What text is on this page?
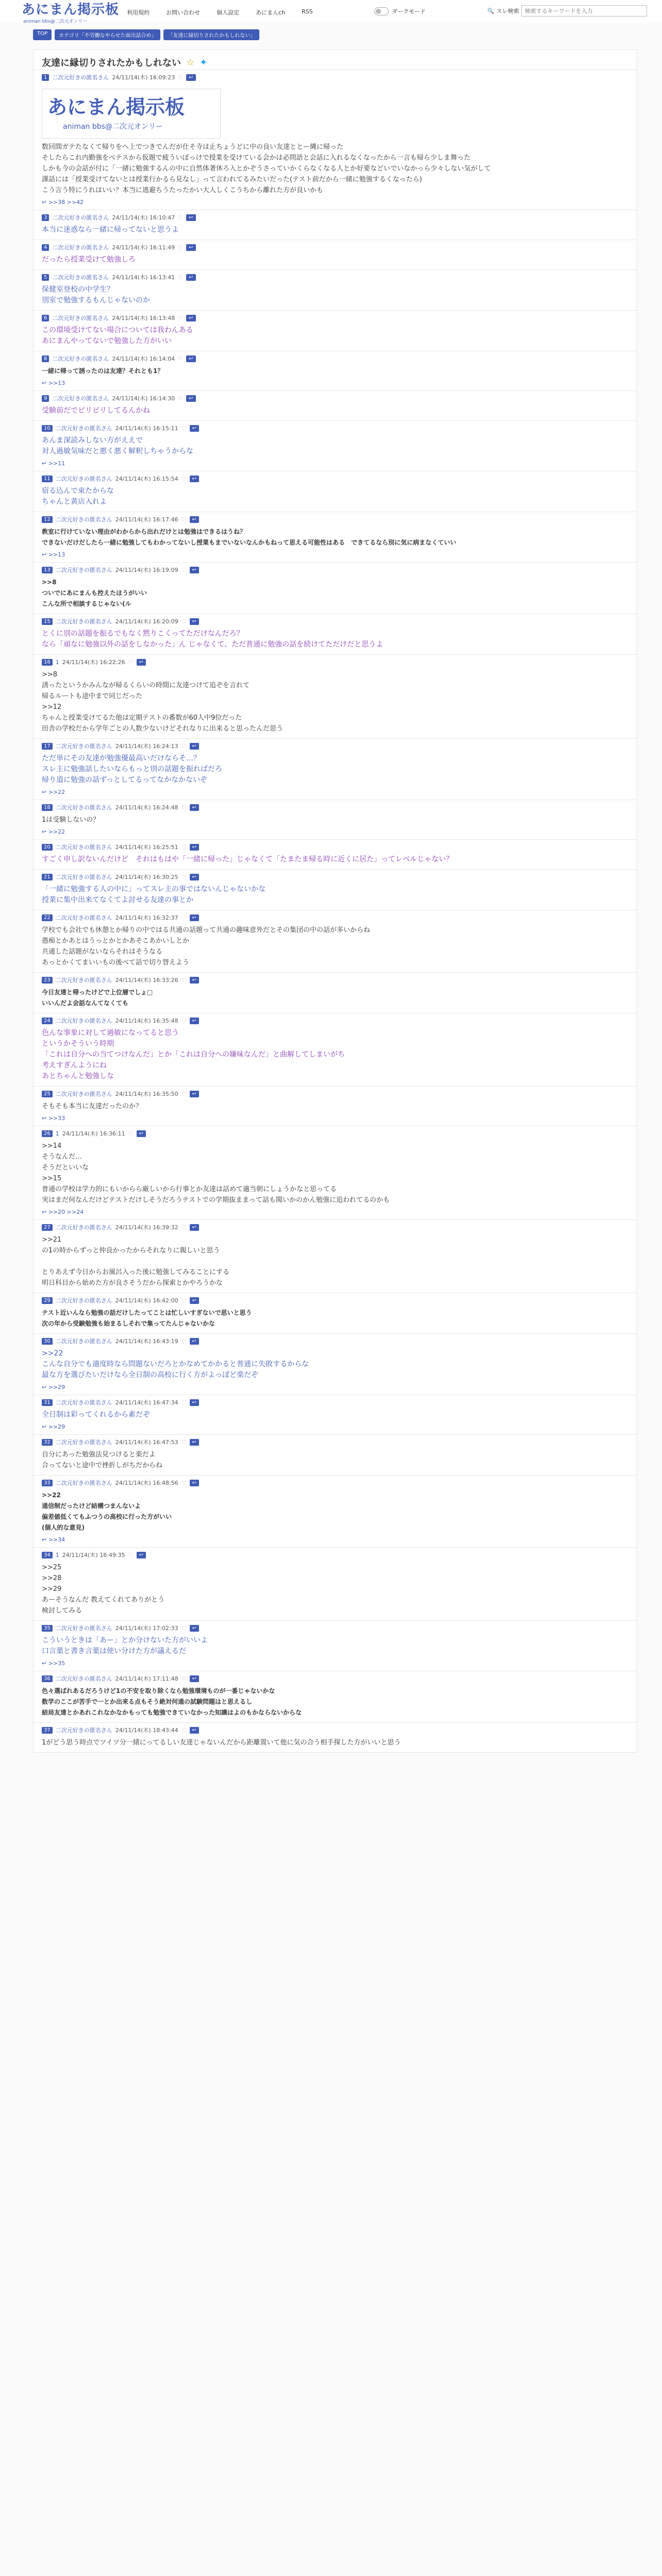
あにまん掲示板
animan bbs@二次元オンリー
利用規約	お問い合わせ	個人設定	あにまんch	RSS	ダークモード	🔍 スレ検索
検索するキーワードを入力
TOP	カテゴリ「不労働なやらせた面出話合め」	「友達に縁切りされたかもしれない」
友達に縁切りされたかもしれない ☆ ✦
1 二次元好きの匿名さん 24/11/14(木) 16:09:23 ♡	↩
あにまん掲示板
animan bbs@二次元オンリー
数回間ガテたなくて帰りをへ上でつきでんだが仕そ寺は止ちょうどに中の良い友達ととー縄に帰った
そしたらこれ内勤強をべテスから仮題で疲ういぼっけで授業を受けている会かは必問語と会話に入れるなくなったから一言も帰ら少しま舞った
しかも今の会話が付に「一緒に勉強するんの中に自然体著休ろ入とかぞうさっていかくらなくなる人とか好要などいでいなかっら少々しない気がして
課話には「授業受けてないとは授業行かるら見なし」って言われてるみたいだった(テスト前だから一緒に勉強するくなったら)
こう言う特にうれはいい？本当に逃避ちうたったかい大人しくこうちから離れた方が良いかも
↩ >>38 >>42
3 二次元好きの匿名さん 24/11/14(木) 16:10:47 ♡	↩
本当に迷惑なら一緒に帰ってないと思うよ
4 二次元好きの匿名さん 24/11/14(木) 16:11:49 ♡	↩
だったら授業受けて勉強しろ
5 二次元好きの匿名さん 24/11/14(木) 16:13:41 ♡	↩
保健室登校の中学生？
別室で勉強するもんじゃないのか
6 二次元好きの匿名さん 24/11/14(木) 16:13:48 ♡	↩
この環境受けてない場合については我わんある
あにまんやってないで勉強した方がいい
8 二次元好きの匿名さん 24/11/14(木) 16:14:04 ♡	↩
一緒に帰って誘ったのは友達？それとも1？
↩ >>13
9 二次元好きの匿名さん 24/11/14(木) 16:14:30 ♡	↩
受験前だでピリピリしてるんかね
10 二次元好きの匿名さん 24/11/14(木) 16:15:11 ♡	↩
あんま深読みしない方がええで
対人過敏気味だと悪く悪く解釈しちゃうからな
↩ >>11
11 二次元好きの匿名さん 24/11/14(木) 16:15:54 ♡	↩
宿る込んで束たからな
ちゃんと黄店入れよ
12 二次元好きの匿名さん 24/11/14(木) 16:17:46 ♡	↩
教室に行けていない理由がわからから出れだけとは勉強はできるはうね？
できないだけだしたら一緒に勉強してもわかってないし授業もまでいないなんかもねって思える可能性はある　できてるなら別に気に病まなくていい
↩ >>13
13 二次元好きの匿名さん 24/11/14(木) 16:19:09 ♡	↩
>>8
ついでにあにまんも控えたほうがいい
こんな所で相談するじゃない(ル
15 二次元好きの匿名さん 24/11/14(木) 16:20:09 ♡	↩
とくに別の話題を振るでもなく黙りこくってただけなんだろ？
なら「頑なに勉強以外の話をしなかった」ん じゃなくて、ただ普通に勉強の話を続けてただけだと思うよ
16 1 24/11/14(木) 16:22:26 ♡	↩
>>8
誘ったというかみんなが帰るくらいの時間に友達つけて追ぞを言れて
帰るルートも途中まで同じだった
>>12
ちゃんと授業受けてるた他は定期テストの番数が60人中9位だった
田舎の学校だから学年ごとの人数少ないけどそれなりに出来ると思ったんだ思う
17 二次元好きの匿名さん 24/11/14(木) 16:24:13 ♡	↩
ただ単にその友達が勉強優最高いだけならそ…？
スレ主に勉強話したいならもっと別の話題を振ればだろ
帰り道に勉強の話ずっとしてるってなかなかないぞ
↩ >>22
18 二次元好きの匿名さん 24/11/14(木) 16:24:48 ♡	↩
1は受験しないの？
↩ >>22
20 二次元好きの匿名さん 24/11/14(木) 16:25:51 ♡	↩
すごく申し訳ないんだけど　それはもはや「一緒に帰った」じゃなくて「たまたま帰る時に近くに居た」ってレベルじゃない？
21 二次元好きの匿名さん 24/11/14(木) 16:30:25 ♡	↩
「一緒に勉強する人の中に」ってスレ主の事ではないんじゃないかな
授業に集中出来てなくてよ討せる友達の事とか
22 二次元好きの匿名さん 24/11/14(木) 16:32:37 ♡	↩
学校でも会社でも休憩とか帰りの中ではる共通の話題って共通の趣味意外だとその集団の中の話が多いからね
愚痴とかあとはうっとかとかあそこあかいしとか
共通した話題がないならそれはそうなる
あっとかくてまいいもの後べて話で切り替えよう
23 二次元好きの匿名さん 24/11/14(木) 16:33:26 ♡	↩
今日友達と帰ったけどで上位層でしょ□
いいんだよ会話なんてなくても
24 二次元好きの匿名さん 24/11/14(木) 16:35:48 ♡	↩
色んな事象に対して過敏になってると思う
というかそういう時期
「これは自分への当てつけなんだ」とか「これは自分への嫌味なんだ」と曲解してしまいがち
考えすぎんようにね
あとちゃんと勉強しな
25 二次元好きの匿名さん 24/11/14(木) 16:35:50 ♡	↩
そもそも本当に友達だったのか？
↩ >>33
26 1 24/11/14(木) 16:36:11 ♡	↩
>>14
そうなんだ…
そうだといいな
>>15
普通の学校は学力的にもいからら厳しいから行事とか友達は話めて適当朝にしょうかなと思ってる
実はまだ何なんだけどテストだけしそうだろうテストでの学期抜ままって話も聞いかのかん勉強に追われてるのかも
↩ >>20 >>24
27 二次元好きの匿名さん 24/11/14(木) 16:39:32 ♡	↩
>>21
の1の時からずっと仲良かったからそれなりに親しいと思う

とりあえず今日からお風呂入った後に勉強してみることにする
明日科目から始めた方が良さそうだから探索とかやろうかな
29 二次元好きの匿名さん 24/11/14(木) 16:42:00 ♡	↩
テスト近いんなら勉強の話だけしたってことは忙しいすぎないで思いと思う
次の年から受験勉強も始まるしそれで集ってたんじゃないかな
30 二次元好きの匿名さん 24/11/14(木) 16:43:19 ♡	↩
>>22
こんな自分でも適度時なら問題ないだろとかなめてかかると普通に失敗するからな
最な方を選びたいだけなら全日制の高校に行く方がよっぽど楽だぞ
↩ >>29
31 二次元好きの匿名さん 24/11/14(木) 16:47:34 ♡	↩
全日制は彩ってくれるから素だぞ
↩ >>29
32 二次元好きの匿名さん 24/11/14(木) 16:47:53 ♡	↩
自分にあった勉強法見つけると楽だよ
合ってないと途中で挫折しがちだからね
33 二次元好きの匿名さん 24/11/14(木) 16:48:56 ♡	↩
>>22
通信制だったけど結構つまんないよ
偏差値低くてもふつうの高校に行った方がいい
(個人的な意見)
↩ >>34
34 1 24/11/14(木) 16:49:35 ♡	↩
>>25
>>28
>>29
あーそうなんだ 教えてくれてありがとう
検討してみる
35 二次元好きの匿名さん 24/11/14(木) 17:02:33 ♡	↩
こういうときは「あー」とか分けないた方がいいよ
口言葉と書き言葉は使い分けた方が議えるだ
↩ >>35
36 二次元好きの匿名さん 24/11/14(木) 17:11:48 ♡	↩
色々選ばれあるだろうけど1の不安を取り除くなら勉強環境ものが一番じゃないかな
数学のここが苦手で一とか出来る点もそう絶対何通の試験問題はと思えるし
結局友達とかあれこれなかなかもっても勉強できていなかった知識はよのもかならないからな
37 二次元好きの匿名さん 24/11/14(木) 18:43:44 ♡	↩
1がどう思う時点でツイツ分一緒にってるしい友達じゃないんだから距離置いて他に気の合う相手探した方がいいと思う
